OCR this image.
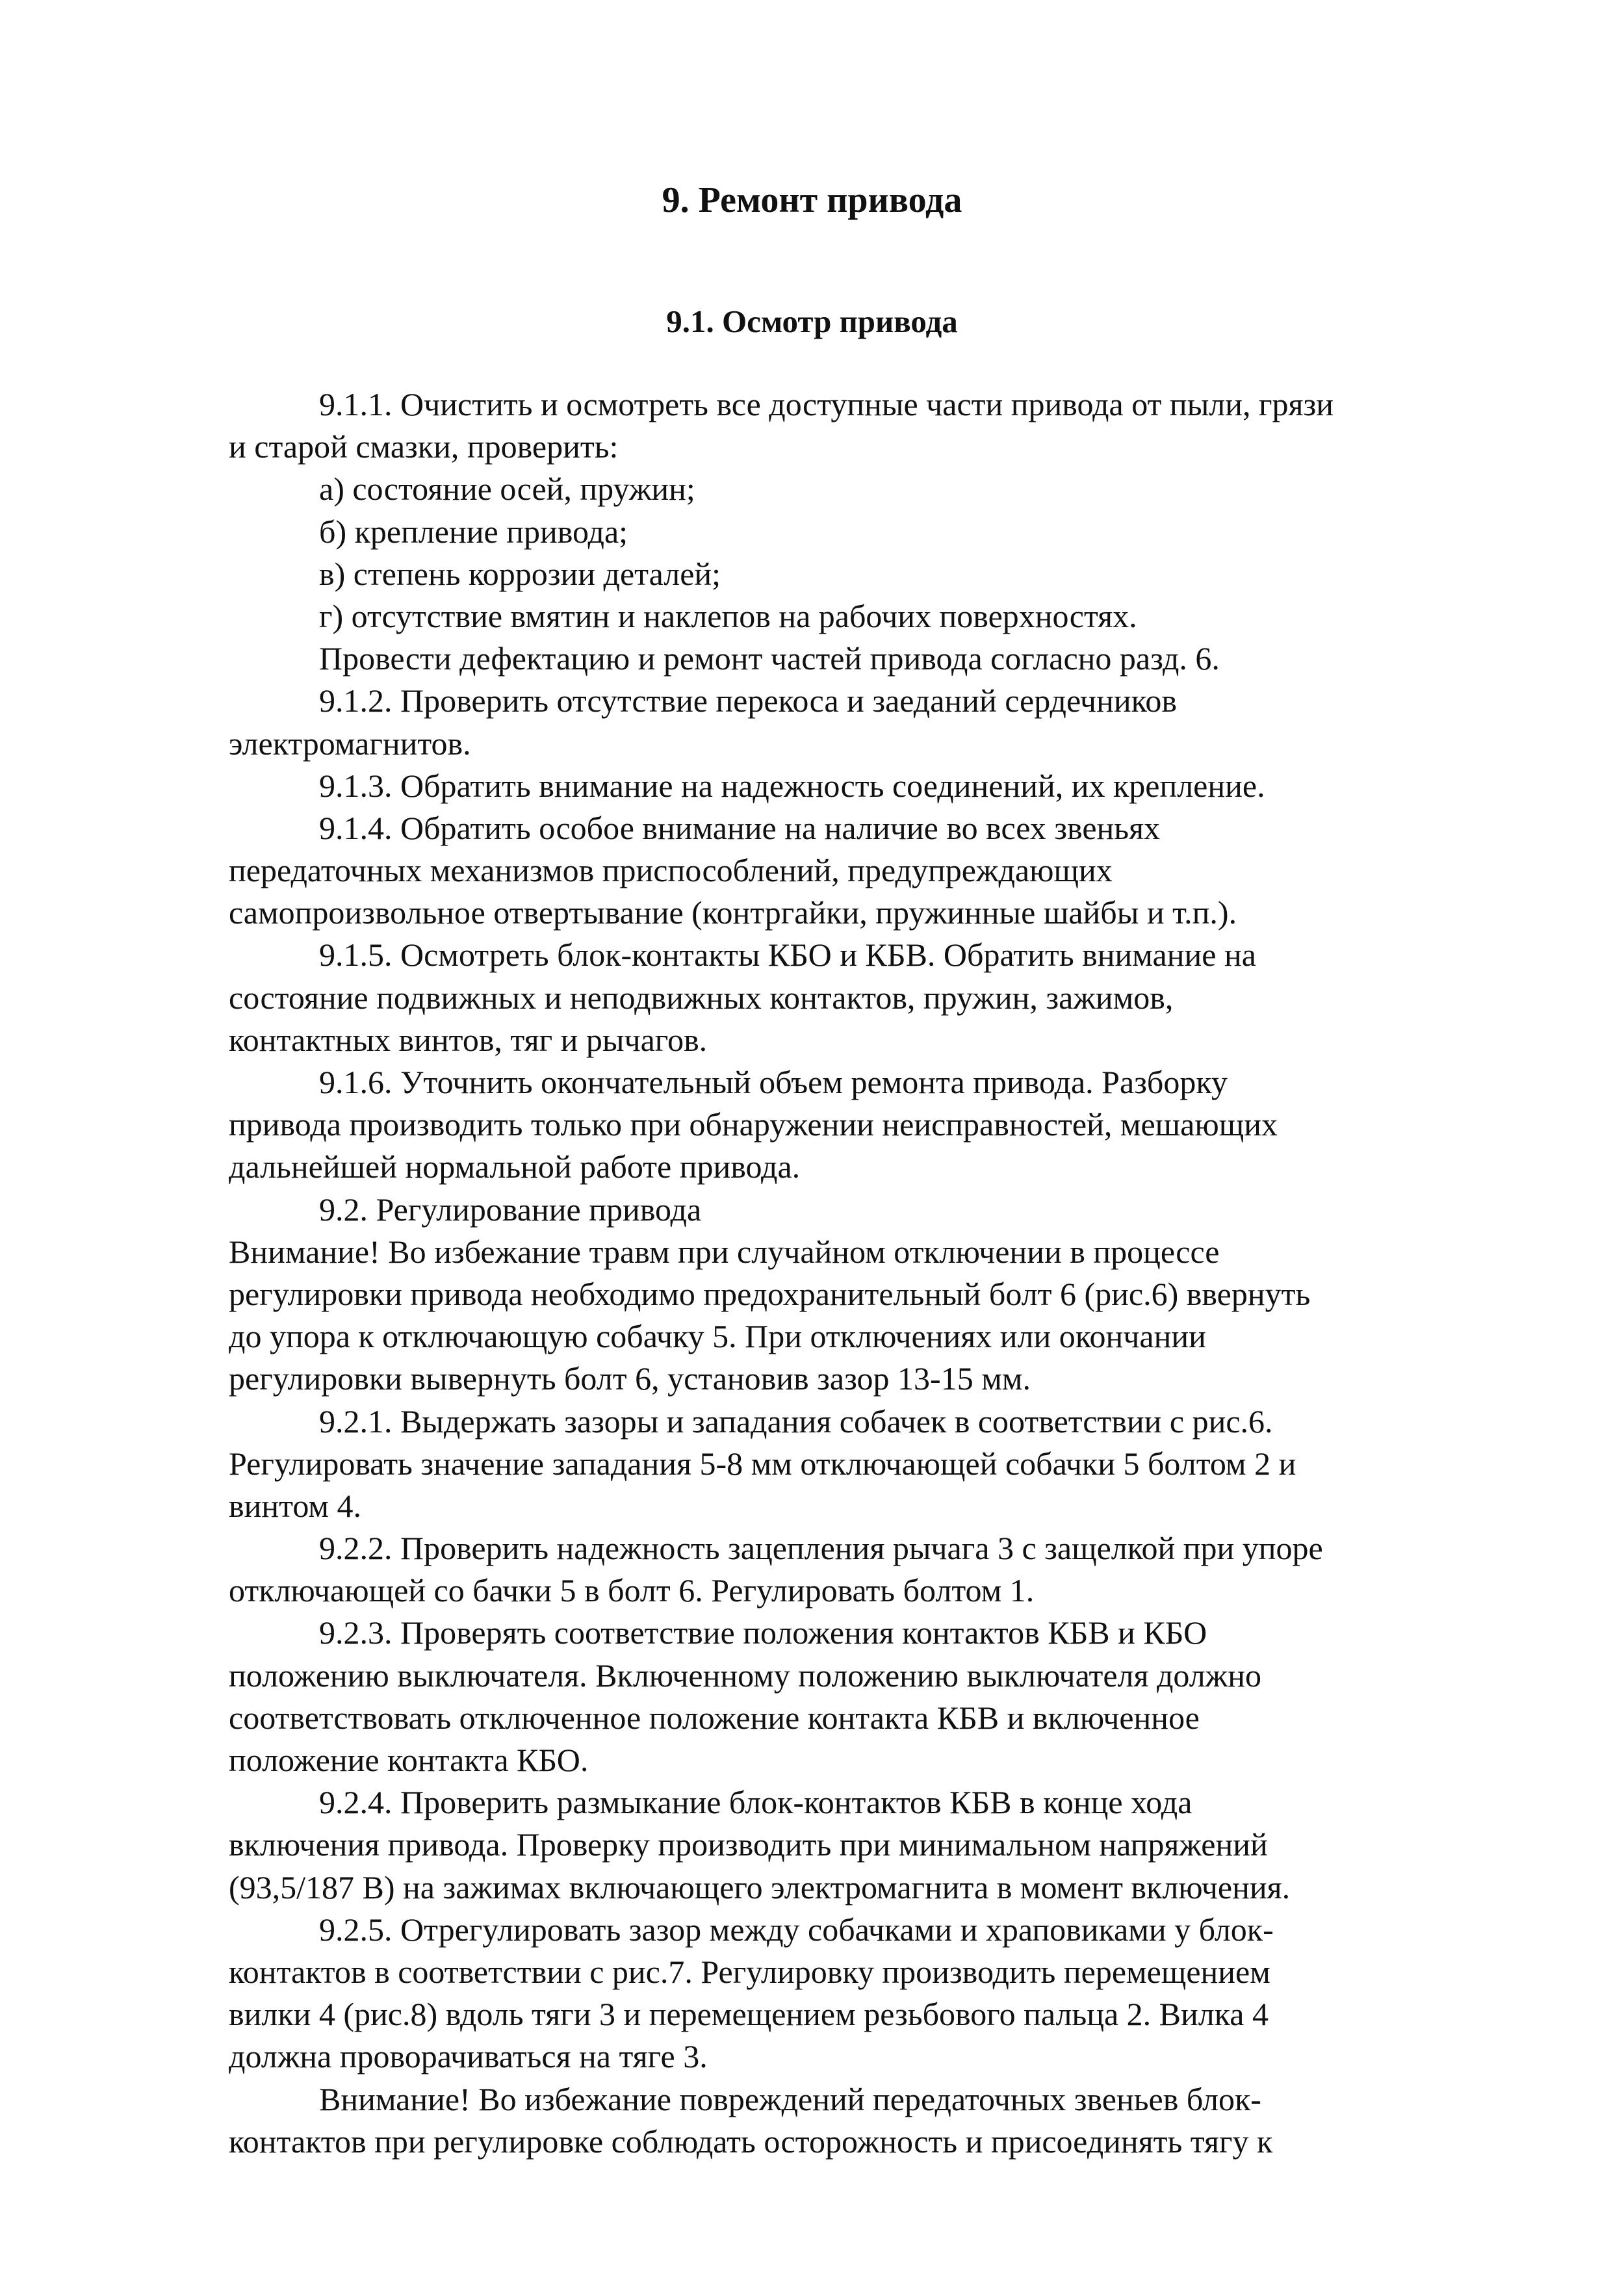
9. Ремонт привода
9.1. Осмотр привода
9.1.1. Очистить и осмотреть все доступные части привода от пыли, грязи
и старой смазки, проверить:
а) состояние осей, пружин;
б) крепление привода;
в) степень коррозии деталей;
г) отсутствие вмятин и наклепов на рабочих поверхностях.
Провести дефектацию и ремонт частей привода согласно разд. 6.
9.1.2. Проверить отсутствие перекоса и заеданий сердечников
электромагнитов.
9.1.3. Обратить внимание на надежность соединений, их крепление.
9.1.4. Обратить особое внимание на наличие во всех звеньях
передаточных механизмов приспособлений, предупреждающих
самопроизвольное отвертывание (контргайки, пружинные шайбы и т.п.).
9.1.5. Осмотреть блок-контакты КБО и КБВ. Обратить внимание на
состояние подвижных и неподвижных контактов, пружин, зажимов,
контактных винтов, тяг и рычагов.
9.1.6. Уточнить окончательный объем ремонта привода. Разборку
привода производить только при обнаружении неисправностей, мешающих
дальнейшей нормальной работе привода.
9.2. Регулирование привода
Внимание! Во избежание травм при случайном отключении в процессе
регулировки привода необходимо предохранительный болт 6 (рис.6) ввернуть
до упора к отключающую собачку 5. При отключениях или окончании
регулировки вывернуть болт 6, установив зазор 13-15 мм.
9.2.1. Выдержать зазоры и западания собачек в соответствии с рис.6.
Регулировать значение западания 5-8 мм отключающей собачки 5 болтом 2 и
винтом 4.
9.2.2. Проверить надежность зацепления рычага 3 с защелкой при упоре
отключающей со бачки 5 в болт 6. Регулировать болтом 1.
9.2.3. Проверять соответствие положения контактов КБВ и КБО
положению выключателя. Включенному положению выключателя должно
соответствовать отключенное положение контакта КБВ и включенное
положение контакта КБО.
9.2.4. Проверить размыкание блок-контактов КБВ в конце хода
включения привода. Проверку производить при минимальном напряжений
(93,5/187 В) на зажимах включающего электромагнита в момент включения.
9.2.5. Отрегулировать зазор между собачками и храповиками у блок-
контактов в соответствии с рис.7. Регулировку производить перемещением
вилки 4 (рис.8) вдоль тяги 3 и перемещением резьбового пальца 2. Вилка 4
должна проворачиваться на тяге 3.
Внимание! Во избежание повреждений передаточных звеньев блок-
контактов при регулировке соблюдать осторожность и присоединять тягу к
